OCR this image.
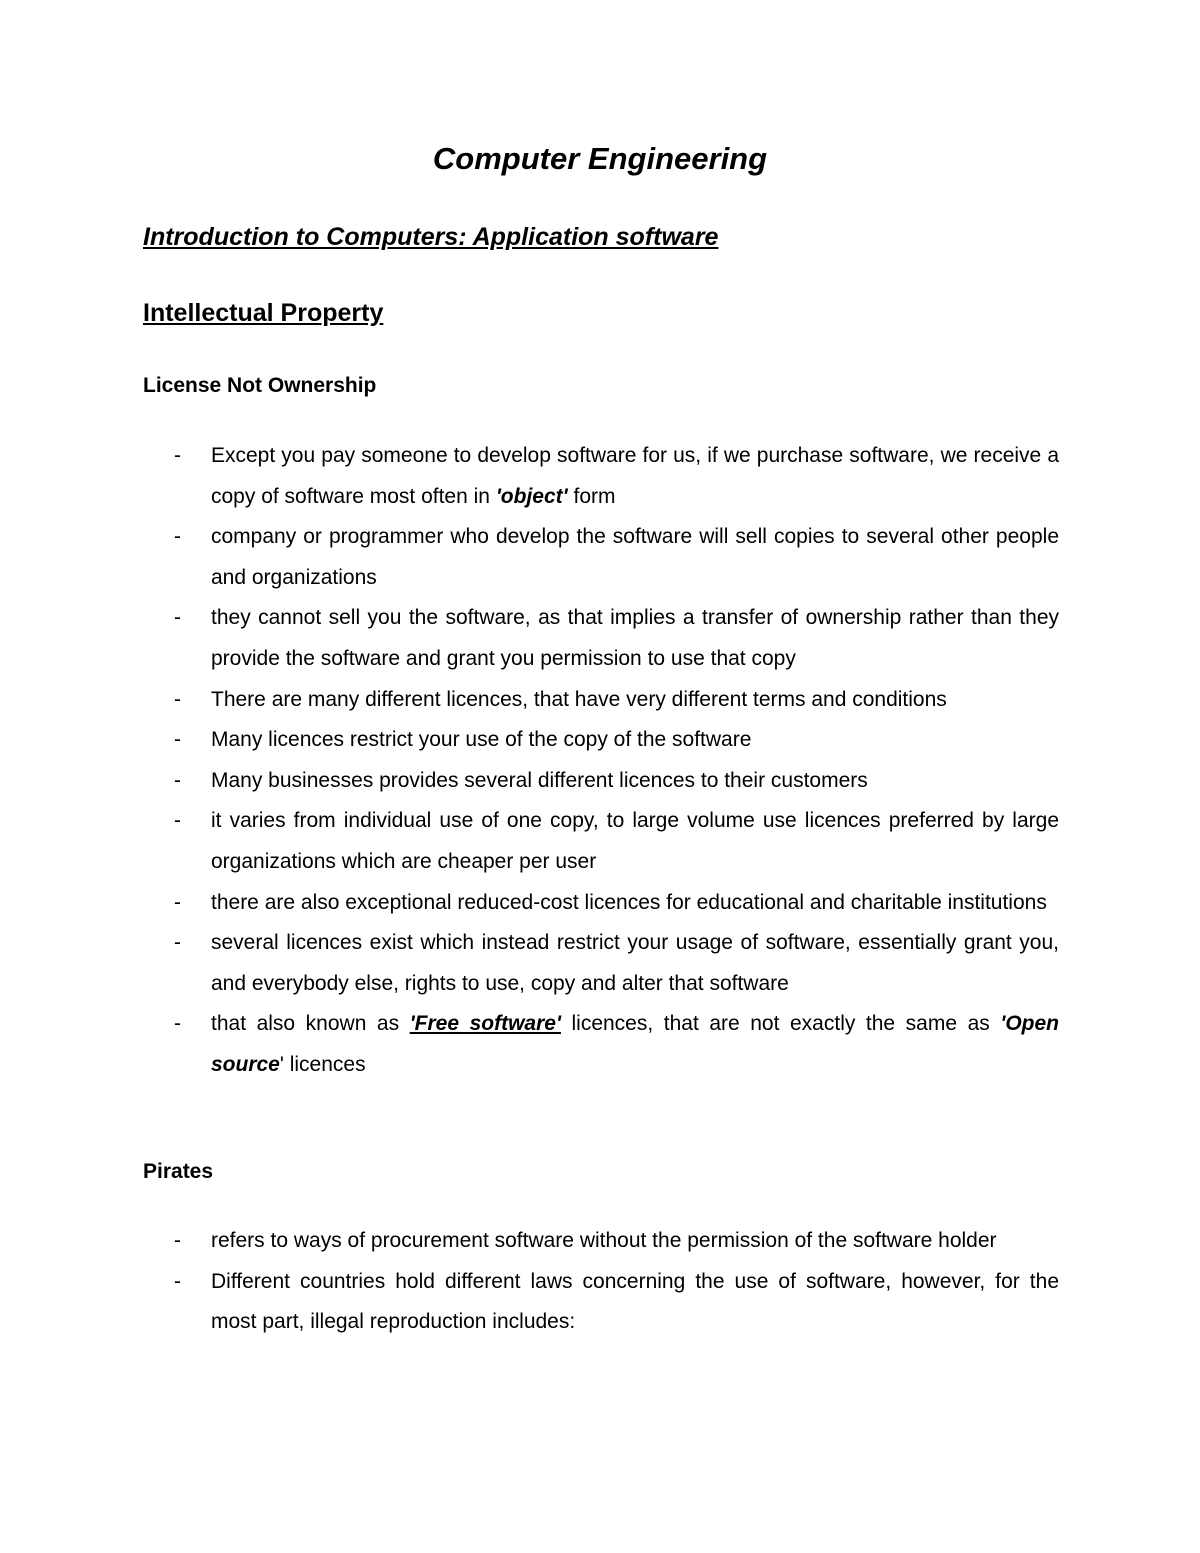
Computer Engineering
Introduction to Computers: Application software
Intellectual Property
License Not Ownership
- Except you pay someone to develop software for us, if we purchase software, we receive a copy of software most often in 'object' form
- company or programmer who develop the software will sell copies to several other people and organizations
- they cannot sell you the software, as that implies a transfer of ownership rather than they provide the software and grant you permission to use that copy
- There are many different licences, that have very different terms and conditions
- Many licences restrict your use of the copy of the software
- Many businesses provides several different licences to their customers
- it varies from individual use of one copy, to large volume use licences preferred by large organizations which are cheaper per user
- there are also exceptional reduced-cost licences for educational and charitable institutions
- several licences exist which instead restrict your usage of software, essentially grant you, and everybody else, rights to use, copy and alter that software
- that also known as 'Free software' licences, that are not exactly the same as 'Open source' licences
Pirates
- refers to ways of procurement software without the permission of the software holder
- Different countries hold different laws concerning the use of software, however, for the most part, illegal reproduction includes:
